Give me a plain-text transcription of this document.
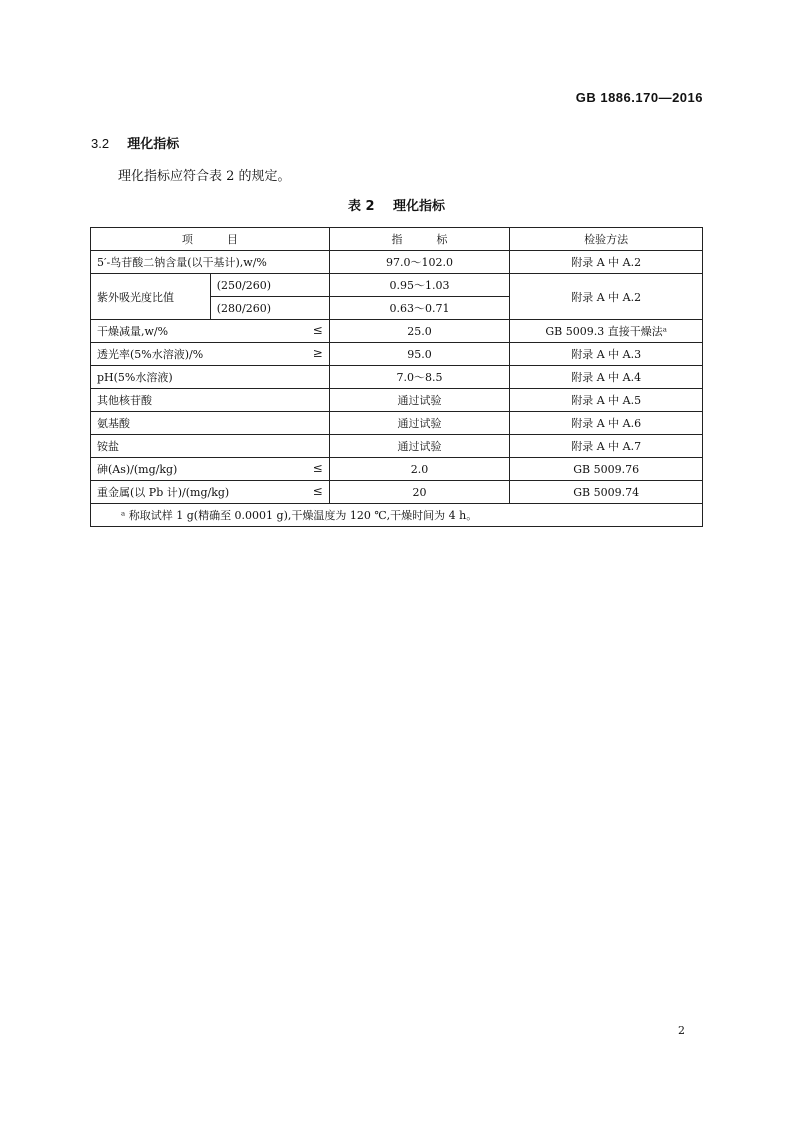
GB 1886.170—2016
3.2 理化指标
理化指标应符合表 2 的规定。
表 2 理化指标
项 目		指 标	检验方法
5′-鸟苷酸二钠含量(以干基计),w/%		97.0～102.0	附录 A 中 A.2
紫外吸光度比值	(250/260)	0.95～1.03	附录 A 中 A.2
	(280/260)	0.63～0.71	
干燥减量,w/% ≤		25.0	GB 5009.3 直接干燥法ᵃ
透光率(5%水溶液)/% ≥		95.0	附录 A 中 A.3
pH(5%水溶液)		7.0～8.5	附录 A 中 A.4
其他核苷酸		通过试验	附录 A 中 A.5
氨基酸		通过试验	附录 A 中 A.6
铵盐		通过试验	附录 A 中 A.7
砷(As)/(mg/kg) ≤		2.0	GB 5009.76
重金属(以 Pb 计)/(mg/kg) ≤		20	GB 5009.74
ᵃ 称取试样 1 g(精确至 0.0001 g),干燥温度为 120 ℃,干燥时间为 4 h。			
2
